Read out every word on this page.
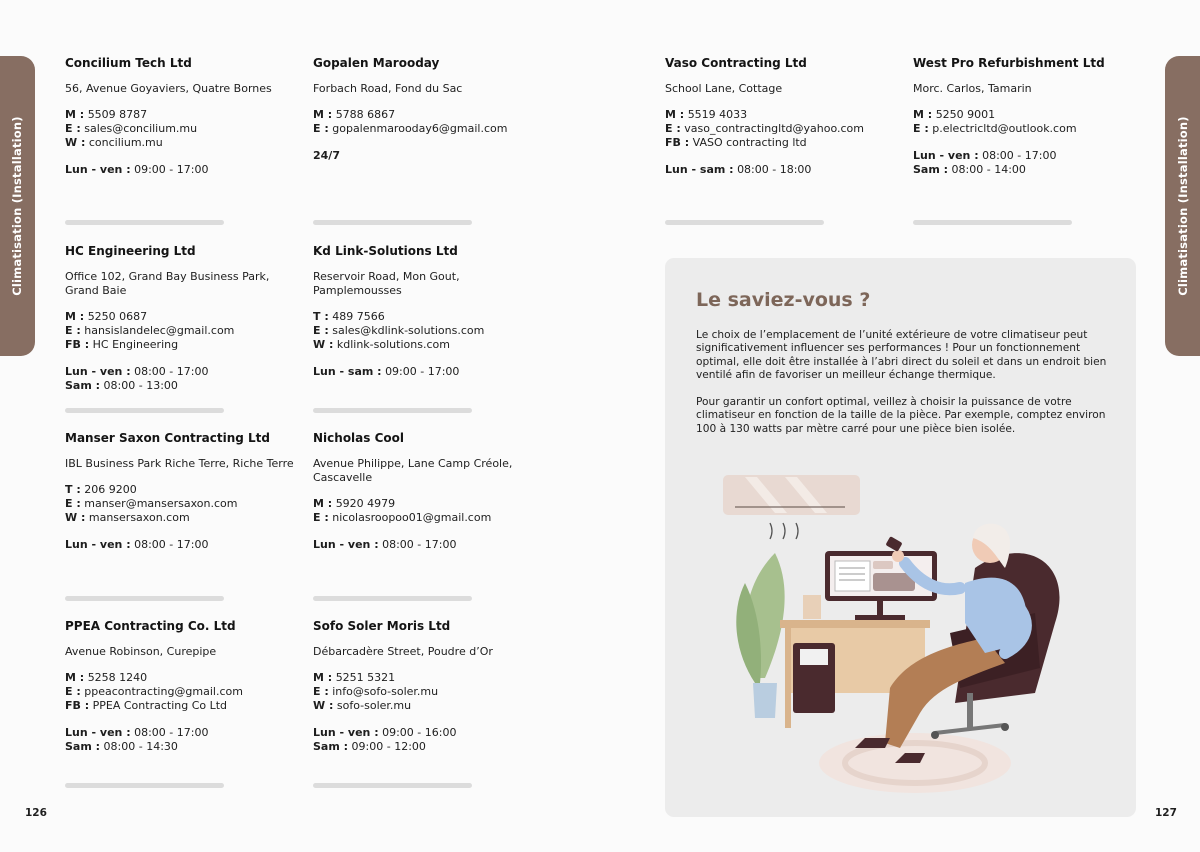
Climatisation (Installation)	Climatisation (Installation)
Concilium Tech Ltd
56, Avenue Goyaviers, Quatre Bornes
M : 5509 8787
E : sales@concilium.mu
W : concilium.mu
Lun - ven : 09:00 - 17:00
Gopalen Marooday
Forbach Road, Fond du Sac
M : 5788 6867
E : gopalenmarooday6@gmail.com
24/7
HC Engineering Ltd
Office 102, Grand Bay Business Park, Grand Baie
M : 5250 0687
E : hansislandelec@gmail.com
FB : HC Engineering
Lun - ven : 08:00 - 17:00
Sam : 08:00 - 13:00
Kd Link-Solutions Ltd
Reservoir Road, Mon Gout, Pamplemousses
T : 489 7566
E : sales@kdlink-solutions.com
W : kdlink-solutions.com
Lun - sam : 09:00 - 17:00
Manser Saxon Contracting Ltd
IBL Business Park Riche Terre, Riche Terre
T : 206 9200
E : manser@mansersaxon.com
W : mansersaxon.com
Lun - ven : 08:00 - 17:00
Nicholas Cool
Avenue Philippe, Lane Camp Créole, Cascavelle
M : 5920 4979
E : nicolasroopoo01@gmail.com
Lun - ven : 08:00 - 17:00
PPEA Contracting Co. Ltd
Avenue Robinson, Curepipe
M : 5258 1240
E : ppeacontracting@gmail.com
FB : PPEA Contracting Co Ltd
Lun - ven : 08:00 - 17:00
Sam : 08:00 - 14:30
Sofo Soler Moris Ltd
Débarcadère Street, Poudre d’Or
M : 5251 5321
E : info@sofo-soler.mu
W : sofo-soler.mu
Lun - ven : 09:00 - 16:00
Sam : 09:00 - 12:00
Vaso Contracting Ltd
School Lane, Cottage
M : 5519 4033
E : vaso_contractingltd@yahoo.com
FB : VASO contracting ltd
Lun - sam : 08:00 - 18:00
West Pro Refurbishment Ltd
Morc. Carlos, Tamarin
M : 5250 9001
E : p.electricltd@outlook.com
Lun - ven : 08:00 - 17:00
Sam : 08:00 - 14:00
126	127
Le saviez-vous ?
Le choix de l’emplacement de l’unité extérieure de votre climatiseur peut significativement influencer ses performances ! Pour un fonctionnement optimal, elle doit être installée à l’abri direct du soleil et dans un endroit bien ventilé afin de favoriser un meilleur échange thermique.
Pour garantir un confort optimal, veillez à choisir la puissance de votre climatiseur en fonction de la taille de la pièce. Par exemple, comptez environ 100 à 130 watts par mètre carré pour une pièce bien isolée.
